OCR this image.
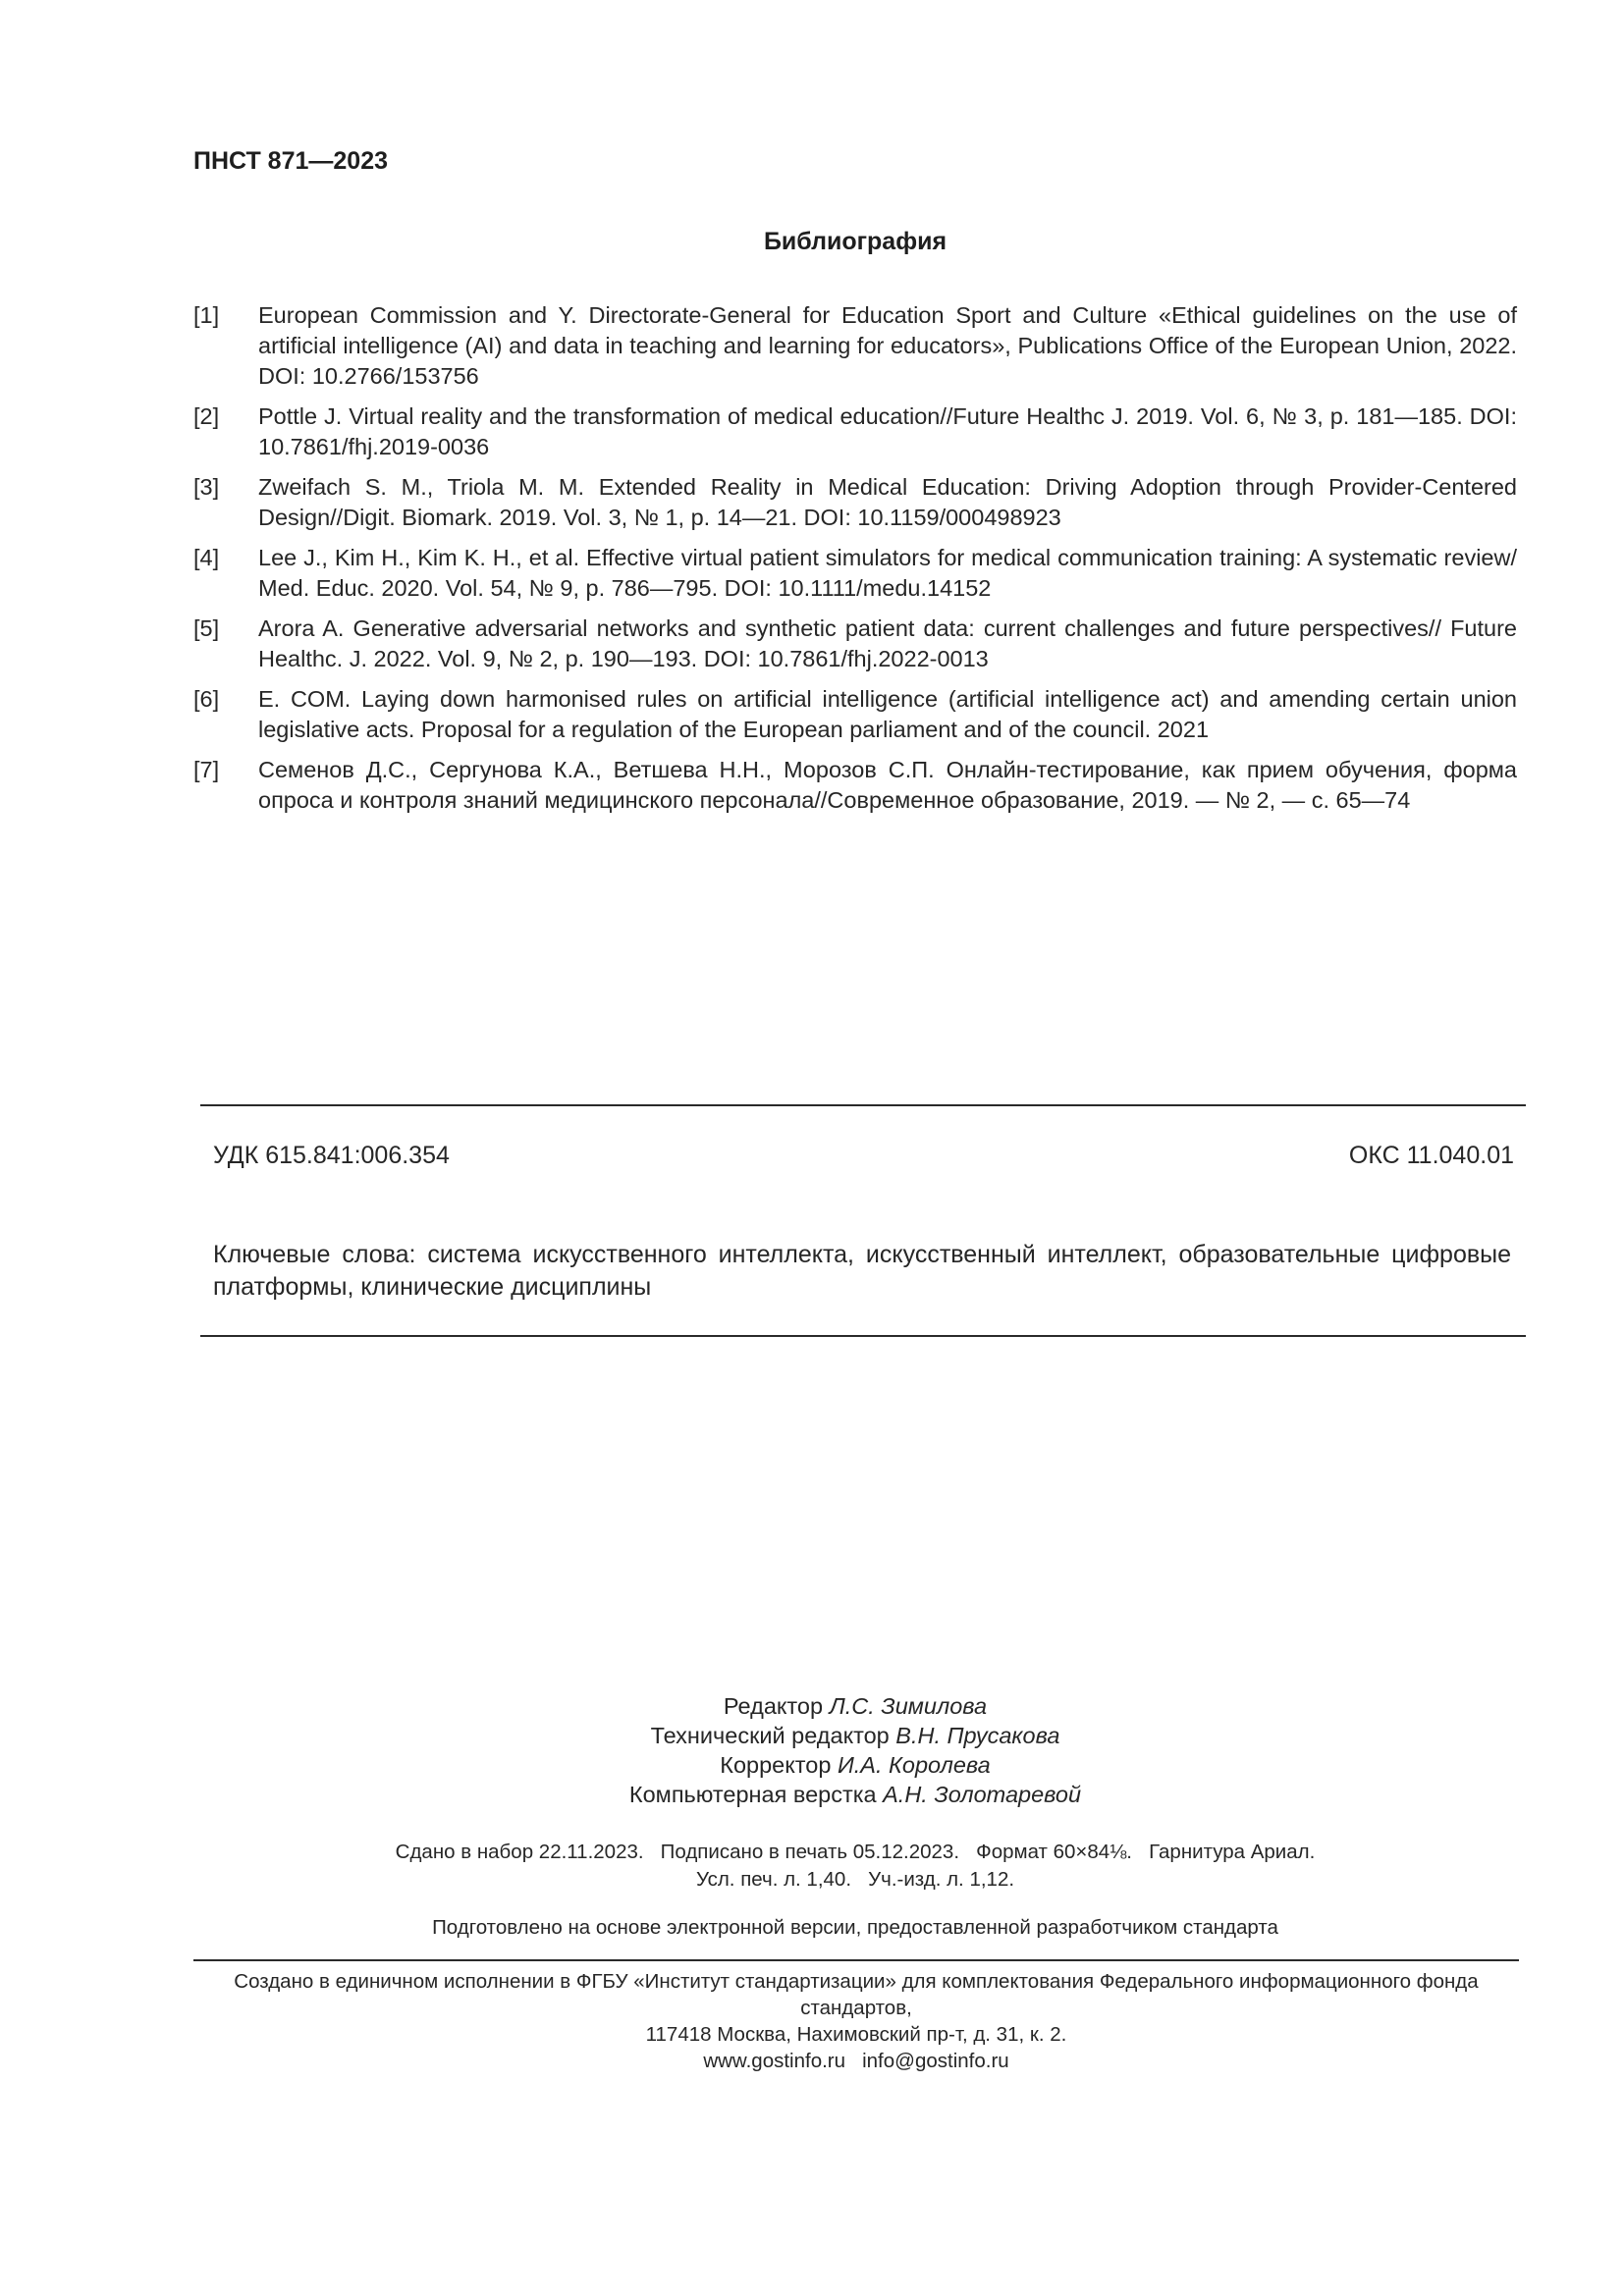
ПНСТ 871—2023
Библиография
[1] European Commission and Y. Directorate-General for Education Sport and Culture «Ethical guidelines on the use of artificial intelligence (AI) and data in teaching and learning for educators», Publications Office of the European Union, 2022. DOI: 10.2766/153756
[2] Pottle J. Virtual reality and the transformation of medical education//Future Healthc J. 2019. Vol. 6, № 3, p. 181—185. DOI: 10.7861/fhj.2019-0036
[3] Zweifach S. M., Triola M. M. Extended Reality in Medical Education: Driving Adoption through Provider-Centered Design//Digit. Biomark. 2019. Vol. 3, № 1, p. 14—21. DOI: 10.1159/000498923
[4] Lee J., Kim H., Kim K. H., et al. Effective virtual patient simulators for medical communication training: A systematic review/ Med. Educ. 2020. Vol. 54, № 9, p. 786—795. DOI: 10.1111/medu.14152
[5] Arora A. Generative adversarial networks and synthetic patient data: current challenges and future perspectives// Future Healthc. J. 2022. Vol. 9, № 2, p. 190—193. DOI: 10.7861/fhj.2022-0013
[6] E. COM. Laying down harmonised rules on artificial intelligence (artificial intelligence act) and amending certain union legislative acts. Proposal for a regulation of the European parliament and of the council. 2021
[7] Семенов Д.С., Сергунова К.А., Ветшева Н.Н., Морозов С.П. Онлайн-тестирование, как прием обучения, форма опроса и контроля знаний медицинского персонала//Современное образование, 2019. — № 2, — с. 65—74
УДК 615.841:006.354	ОКС 11.040.01
Ключевые слова: система искусственного интеллекта, искусственный интеллект, образовательные цифровые платформы, клинические дисциплины
Редактор Л.С. Зимилова
Технический редактор В.Н. Прусакова
Корректор И.А. Королева
Компьютерная верстка А.Н. Золотаревой
Сдано в набор 22.11.2023.   Подписано в печать 05.12.2023.   Формат 60×84⅛.   Гарнитура Ариал.
Усл. печ. л. 1,40.   Уч.-изд. л. 1,12.
Подготовлено на основе электронной версии, предоставленной разработчиком стандарта
Создано в единичном исполнении в ФГБУ «Институт стандартизации» для комплектования Федерального информационного фонда стандартов,
117418 Москва, Нахимовский пр-т, д. 31, к. 2.
www.gostinfo.ru   info@gostinfo.ru
